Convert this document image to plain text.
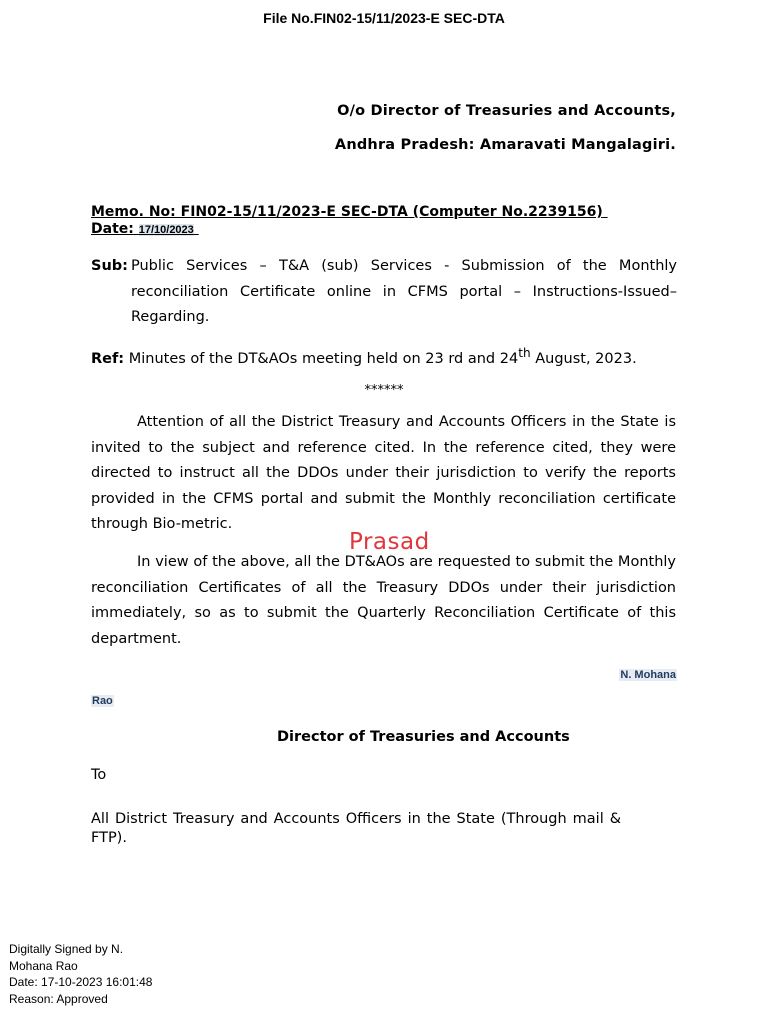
File No.FIN02-15/11/2023-E SEC-DTA
O/o Director of Treasuries and Accounts,
Andhra Pradesh: Amaravati Mangalagiri.
Memo. No: FIN02-15/11/2023-E SEC-DTA (Computer No.2239156)
Date: 17/10/2023
Sub: Public Services – T&A (sub) Services - Submission of the Monthly reconciliation Certificate online in CFMS portal – Instructions-Issued– Regarding.
Ref: Minutes of the DT&AOs meeting held on 23 rd and 24th August, 2023.
******
Attention of all the District Treasury and Accounts Officers in the State is invited to the subject and reference cited. In the reference cited, they were directed to instruct all the DDOs under their jurisdiction to verify the reports provided in the CFMS portal and submit the Monthly reconciliation certificate through Bio-metric.
In view of the above, all the DT&AOs are requested to submit the Monthly reconciliation Certificates of all the Treasury DDOs under their jurisdiction immediately, so as to submit the Quarterly Reconciliation Certificate of this department.
Prasad
N. Mohana
Rao
Director of Treasuries and Accounts
To
All District Treasury and Accounts Officers in the State (Through mail & FTP).
Digitally Signed by N.
Mohana Rao
Date: 17-10-2023 16:01:48
Reason: Approved
